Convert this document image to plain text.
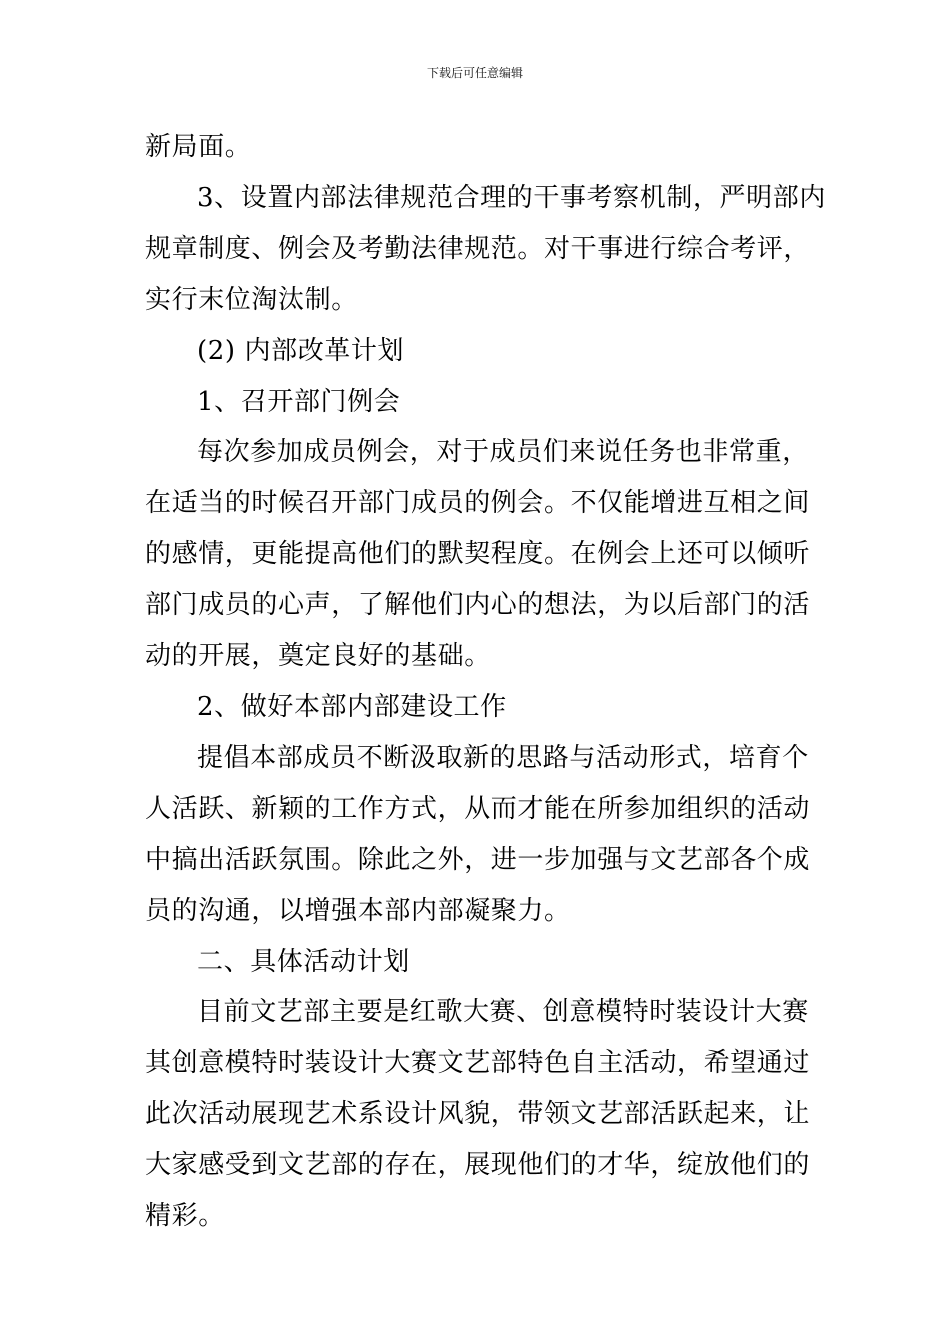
下载后可任意编辑

新局面。

3、设置内部法律规范合理的干事考察机制，严明部内
规章制度、例会及考勤法律规范。对干事进行综合考评，
实行末位淘汰制。

(2) 内部改革计划

1、召开部门例会

每次参加成员例会，对于成员们来说任务也非常重，
在适当的时候召开部门成员的例会。不仅能增进互相之间
的感情，更能提高他们的默契程度。在例会上还可以倾听
部门成员的心声，了解他们内心的想法，为以后部门的活
动的开展，奠定良好的基础。

2、做好本部内部建设工作

提倡本部成员不断汲取新的思路与活动形式，培育个
人活跃、新颖的工作方式，从而才能在所参加组织的活动
中搞出活跃氛围。除此之外，进一步加强与文艺部各个成
员的沟通，以增强本部内部凝聚力。

二、具体活动计划

目前文艺部主要是红歌大赛、创意模特时装设计大赛
其创意模特时装设计大赛文艺部特色自主活动，希望通过
此次活动展现艺术系设计风貌，带领文艺部活跃起来，让
大家感受到文艺部的存在，展现他们的才华，绽放他们的
精彩。
